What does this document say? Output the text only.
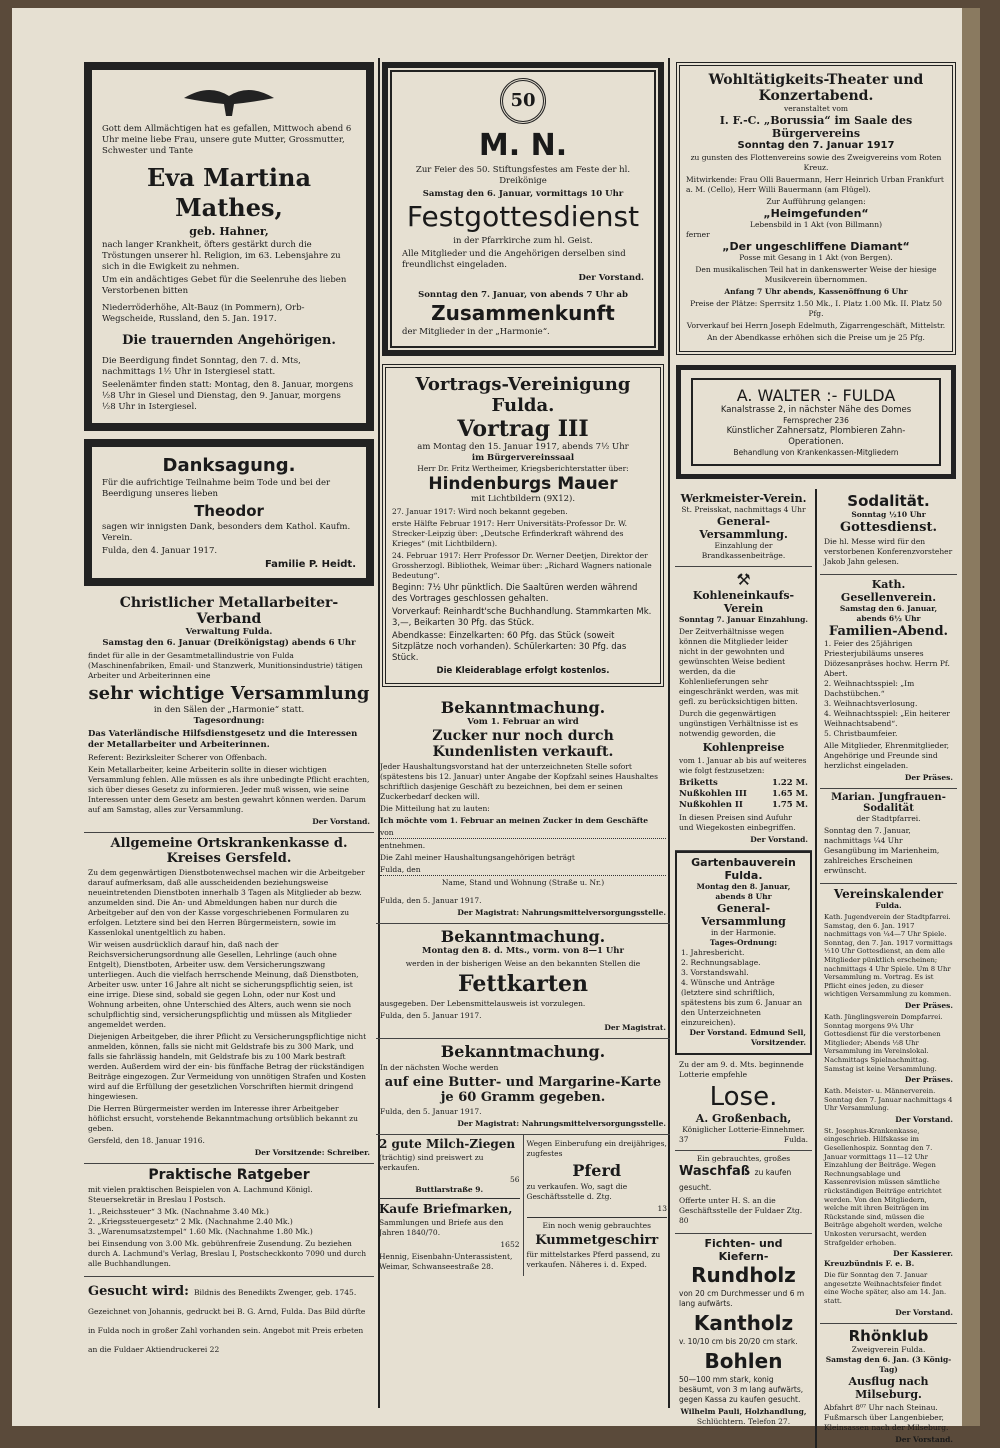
Gott dem Allmächtigen hat es gefallen, Mittwoch abend 6 Uhr meine liebe Frau, unsere gute Mutter, Grossmutter, Schwester und Tante

Eva Martina Mathes,
geb. Hahner,

nach langer Krankheit, öfters gestärkt durch die Tröstungen unserer hl. Religion, im 63. Lebensjahre zu sich in die Ewigkeit zu nehmen.

Um ein andächtiges Gebet für die Seelenruhe des lieben Verstorbenen bitten

Niederröderhöhe, Alt-Bauz (in Pommern), Orb-Wegscheide, Russland, den 5. Jan. 1917.

Die trauernden Angehörigen.

Die Beerdigung findet Sonntag, den 7. d. Mts, nachmittags 1½ Uhr in Istergiesel statt.

Seelenämter finden statt: Montag, den 8. Januar, morgens ½8 Uhr in Giesel und Dienstag, den 9. Januar, morgens ½8 Uhr in Istergiesel.

Danksagung.

Für die aufrichtige Teilnahme beim Tode und bei der Beerdigung unseres lieben

Theodor

sagen wir innigsten Dank, besonders dem Kathol. Kaufm. Verein.

Fulda, den 4. Januar 1917.

Familie P. Heidt.
Christlicher Metallarbeiter-Verband
Verwaltung Fulda.
Samstag den 6. Januar (Dreikönigstag) abends 6 Uhr

findet für alle in der Gesamtmetallindustrie von Fulda (Maschinenfabriken, Email- und Stanzwerk, Munitionsindustrie) tätigen Arbeiter und Arbeiterinnen eine

sehr wichtige Versammlung
in den Sälen der „Harmonie“ statt.
Tagesordnung:

Das Vaterländische Hilfsdienstgesetz und die Interessen der Metallarbeiter und Arbeiterinnen.

Referent: Bezirksleiter Scherer von Offenbach.

Kein Metallarbeiter, keine Arbeiterin sollte in dieser wichtigen Versammlung fehlen. Alle müssen es als ihre unbedingte Pflicht erachten, sich über dieses Gesetz zu informieren. Jeder muß wissen, wie seine Interessen unter dem Gesetz am besten gewahrt können werden. Darum auf am Samstag, alles zur Versammlung.

Der Vorstand.
Allgemeine Ortskrankenkasse d. Kreises Gersfeld.

Zu dem gegenwärtigen Dienstbotenwechsel machen wir die Arbeitgeber darauf aufmerksam, daß alle ausscheidenden beziehungsweise neueintretenden Dienstboten innerhalb 3 Tagen als Mitglieder ab bezw. anzumelden sind. Die An- und Abmeldungen haben nur durch die Arbeitgeber auf den von der Kasse vorgeschriebenen Formularen zu erfolgen. Letztere sind bei den Herren Bürgermeistern, sowie im Kassenlokal unentgeltlich zu haben.

Wir weisen ausdrücklich darauf hin, daß nach der Reichsversicherungsordnung alle Gesellen, Lehrlinge (auch ohne Entgelt), Dienstboten, Arbeiter usw. dem Versicherungszwang unterliegen. Auch die vielfach herrschende Meinung, daß Dienstboten, Arbeiter usw. unter 16 Jahre alt nicht se sicherungspflichtig seien, ist eine irrige. Diese sind, sobald sie gegen Lohn, oder nur Kost und Wohnung arbeiten, ohne Unterschied des Alters, auch wenn sie noch schulpflichtig sind, versicherungspflichtig und müssen als Mitglieder angemeldet werden.

Diejenigen Arbeitgeber, die ihrer Pflicht zu Versicherungspflichtige nicht anmelden, können, falls sie nicht mit Geldstrafe bis zu 300 Mark, und falls sie fahrlässig handeln, mit Geldstrafe bis zu 100 Mark bestraft werden. Außerdem wird der ein- bis fünffache Betrag der rückständigen Beiträge eingezogen. Zur Vermeidung von unnötigen Strafen und Kosten wird auf die Erfüllung der gesetzlichen Vorschriften hiermit dringend hingewiesen.

Die Herren Bürgermeister werden im Interesse ihrer Arbeitgeber höflichst ersucht, vorstehende Bekanntmachung ortsüblich bekannt zu geben.

Gersfeld, den 18. Januar 1916.

Der Vorsitzende: Schreiber.
Praktische Ratgeber

mit vielen praktischen Beispielen von A. Lachmund Königl. Steuersekretär in Breslau I Postsch.

1. „Reichssteuer“ 3 Mk. (Nachnahme 3.40 Mk.)
2. „Kriegssteuergesetz“ 2 Mk. (Nachnahme 2.40 Mk.)
3. „Warenumsatzstempel“ 1.60 Mk. (Nachnahme 1.80 Mk.)

bei Einsendung von 3.00 Mk. gebührenfreie Zusendung. Zu beziehen durch A. Lachmund's Verlag, Breslau I, Postscheckkonto 7090 und durch alle Buchhandlungen.

Gesucht wird: Bildnis des Benedikts Zwenger, geb. 1745. Gezeichnet von Johannis, gedruckt bei B. G. Arnd, Fulda. Das Bild dürfte in Fulda noch in großer Zahl vorhanden sein. Angebot mit Preis erbeten an die Fuldaer Aktiendruckerei 22
50
M. N.

Zur Feier des 50. Stiftungsfestes am Feste der hl. Dreikönige

Samstag den 6. Januar, vormittags 10 Uhr
Festgottesdienst

in der Pfarrkirche zum hl. Geist.

Alle Mitglieder und die Angehörigen derselben sind freundlichst eingeladen.

Der Vorstand.
Sonntag den 7. Januar, von abends 7 Uhr ab
Zusammenkunft

der Mitglieder in der „Harmonie“.

Vortrags-Vereinigung Fulda.
Vortrag III
am Montag den 15. Januar 1917, abends 7½ Uhr
im Bürgervereinssaal
Herr Dr. Fritz Wertheimer, Kriegsberichterstatter über:
Hindenburgs Mauer
mit Lichtbildern (9X12).

27. Januar 1917: Wird noch bekannt gegeben.

erste Hälfte Februar 1917: Herr Universitäts-Professor Dr. W. Strecker-Leipzig über: „Deutsche Erfinderkraft während des Krieges“ (mit Lichtbildern).

24. Februar 1917: Herr Professor Dr. Werner Deetjen, Direktor der Grossherzogl. Bibliothek, Weimar über: „Richard Wagners nationale Bedeutung“.

Beginn: 7½ Uhr pünktlich. Die Saaltüren werden während des Vortrages geschlossen gehalten.

Vorverkauf: Reinhardt'sche Buchhandlung. Stammkarten Mk. 3,—, Beikarten 30 Pfg. das Stück.

Abendkasse: Einzelkarten: 60 Pfg. das Stück (soweit Sitzplätze noch vorhanden). Schülerkarten: 30 Pfg. das Stück.

Die Kleiderablage erfolgt kostenlos.
Bekanntmachung.
Vom 1. Februar an wird
Zucker nur noch durch Kundenlisten verkauft.

Jeder Haushaltungsvorstand hat der unterzeichneten Stelle sofort (spätestens bis 12. Januar) unter Angabe der Kopfzahl seines Haushaltes schriftlich dasjenige Geschäft zu bezeichnen, bei dem er seinen Zuckerbedarf decken will.

Die Mitteilung hat zu lauten:

Ich möchte vom 1. Februar an meinen Zucker in dem Geschäfte

von

entnehmen.

Die Zahl meiner Haushaltungsangehörigen beträgt

Fulda, den

Name, Stand und Wohnung (Straße u. Nr.)

Fulda, den 5. Januar 1917.

Der Magistrat: Nahrungsmittelversorgungsstelle.
Bekanntmachung.
Montag den 8. d. Mts., vorm. von 8—1 Uhr

werden in der bisherigen Weise an den bekannten Stellen die

Fettkarten

ausgegeben. Der Lebensmittelausweis ist vorzulegen.

Fulda, den 5. Januar 1917.

Der Magistrat.
Bekanntmachung.

In der nächsten Woche werden

auf eine Butter- und Margarine-Karte je 60 Gramm gegeben.

Fulda, den 5. Januar 1917.

Der Magistrat: Nahrungsmittelversorgungsstelle.
2 gute Milch-Ziegen

(trächtig) sind preiswert zu verkaufen.

56
Buttlarstraße 9.
Kaufe Briefmarken,

Sammlungen und Briefe aus den Jahren 1840/70.

1652

Hennig, Eisenbahn-Unterassistent, Weimar, Schwanseestraße 28.

Wegen Einberufung ein dreijähriges, zugfestes

Pferd

zu verkaufen. Wo, sagt die Geschäftsstelle d. Ztg.

13

Ein noch wenig gebrauchtes

Kummetgeschirr

für mittelstarkes Pferd passend, zu verkaufen. Näheres i. d. Exped.

Wohltätigkeits-Theater und Konzertabend.
veranstaltet vom
I. F.-C. „Borussia“ im Saale des Bürgervereins
Sonntag den 7. Januar 1917

zu gunsten des Flottenvereins sowie des Zweigvereins vom Roten Kreuz.

Mitwirkende: Frau Olli Bauermann, Herr Heinrich Urban Frankfurt a. M. (Cello), Herr Willi Bauermann (am Flügel).

Zur Aufführung gelangen:
„Heimgefunden“
Lebensbild in 1 Akt (von Billmann)
ferner
„Der ungeschliffene Diamant“
Posse mit Gesang in 1 Akt (von Bergen).

Den musikalischen Teil hat in dankenswerter Weise der hiesige Musikverein übernommen.

Anfang 7 Uhr abends, Kassenöffnung 6 Uhr

Preise der Plätze: Sperrsitz 1.50 Mk., I. Platz 1.00 Mk. II. Platz 50 Pfg.

Vorverkauf bei Herrn Joseph Edelmuth, Zigarrengeschäft, Mittelstr.

An der Abendkasse erhöhen sich die Preise um je 25 Pfg.

A. WALTER :- FULDA
Kanalstrasse 2, in nächster Nähe des Domes
Fernsprecher 236
Künstlicher Zahnersatz, Plombieren Zahn-Operationen.
Behandlung von Krankenkassen-Mitgliedern
Werkmeister-Verein.
St. Preisskat, nachmittags 4 Uhr
General-Versammlung.
Einzahlung der Brandkassenbeiträge.
⚒
Kohleneinkaufs-Verein
Sonntag 7. Januar Einzahlung.

Der Zeitverhältnisse wegen können die Mitglieder leider nicht in der gewohnten und gewünschten Weise bedient werden, da die Kohlenlieferungen sehr eingeschränkt werden, was mit gefl. zu berücksichtigen bitten.

Durch die gegenwärtigen ungünstigen Verhältnisse ist es notwendig geworden, die

Kohlenpreise

vom 1. Januar ab bis auf weiteres wie folgt festzusetzen:

Briketts	1.22 M.
Nußkohlen III	1.65 M.
Nußkohlen II	1.75 M.

In diesen Preisen sind Aufuhr und Wiegekosten einbegriffen.

Der Vorstand.
Gartenbauverein Fulda.
Montag den 8. Januar, abends 8 Uhr
General-Versammlung
in der Harmonie.
Tages-Ordnung:
1. Jahresbericht.
2. Rechnungsablage.
3. Vorstandswahl.
4. Wünsche und Anträge (letztere sind schriftlich, spätestens bis zum 6. Januar an den Unterzeichneten einzureichen).
Der Vorstand. Edmund Sell, Vorsitzender.

Zu der am 9. d. Mts. beginnende Lotterie empfehle

Lose.
A. Großenbach,
Königlicher Lotterie-Einnehmer.
37	Fulda.
Ein gebrauchtes, großes
Waschfaß zu kaufen gesucht.

Offerte unter H. S. an die Geschäftsstelle der Fuldaer Ztg. 80

Fichten- und Kiefern-
Rundholz

von 20 cm Durchmesser und 6 m lang aufwärts.

Kantholz

v. 10/10 cm bis 20/20 cm stark.

Bohlen

50—100 mm stark, konig besäumt, von 3 m lang aufwärts, gegen Kassa zu kaufen gesucht.

Wilhelm Pauli, Holzhandlung,
Schlüchtern. Telefon 27.
Sodalität.
Sonntag ½10 Uhr
Gottesdienst.

Die hl. Messe wird für den verstorbenen Konferenzvorsteher Jakob Jahn gelesen.

Kath. Gesellenverein.
Samstag den 6. Januar, abends 6½ Uhr
Familien-Abend.
1. Feier des 25jährigen Priesterjubiläums unseres Diözesanpräses hochw. Herrn Pf. Abert.
2. Weihnachtsspiel: „Im Dachstübchen.“
3. Weihnachtsverlosung.
4. Weihnachtsspiel: „Ein heiterer Weihnachtsabend“.
5. Christbaumfeier.

Alle Mitglieder, Ehrenmitglieder, Angehörige und Freunde sind herzlichst eingeladen.

Der Präses.
Marian. Jungfrauen-Sodalität
der Stadtpfarrei.

Sonntag den 7. Januar, nachmittags ¼4 Uhr Gesangübung im Marienheim, zahlreiches Erscheinen erwünscht.

Vereinskalender
Fulda.

Kath. Jugendverein der Stadtpfarrei. Samstag, den 6. Jan. 1917 nachmittags von ¼4—7 Uhr Spiele. Sonntag, den 7. Jan. 1917 vormittags ½10 Uhr Gottesdienst, an dem alle Mitglieder pünktlich erscheinen; nachmittags 4 Uhr Spiele. Um 8 Uhr Versammlung m. Vortrag. Es ist Pflicht eines jeden, zu dieser wichtigen Versammlung zu kommen.

Der Präses.

Kath. Jünglingsverein Dompfarrei. Sonntag morgens 9¼ Uhr Gottesdienst für die verstorbenen Mitglieder; Abends ½8 Uhr Versammlung im Vereinslokal. Nachmittags Spielnachmittag. Samstag ist keine Versammlung.

Der Präses.

Kath. Meister- u. Männerverein. Sonntag den 7. Januar nachmittags 4 Uhr Versammlung.

Der Vorstand.

St. Josephus-Krankenkasse, eingeschrieb. Hilfskasse im Gesellenhospiz. Sonntag den 7. Januar vormittags 11—12 Uhr Einzahlung der Beiträge. Wegen Rechnungsablage und Kassenrevision müssen sämtliche rückständigen Beiträge entrichtet werden. Von den Mitgliedern, welche mit ihren Beiträgen im Rückstande sind, müssen die Beiträge abgeholt werden, welche Unkosten verursacht, werden Strafgelder erhoben.

Der Kassierer.
Kreuzbündnis F. e. B.

Die für Sonntag den 7. Januar angesetzte Weihnachtsfeier findet eine Woche später, also am 14. Jan. statt.

Der Vorstand.
Rhönklub
Zweigverein Fulda.
Samstag den 6. Jan. (3 König-Tag)
Ausflug nach Milseburg.

Abfahrt 8⁰⁷ Uhr nach Steinau. Fußmarsch über Langenbieber, Kleinsassen nach der Milseburg.

Der Vorstand.
